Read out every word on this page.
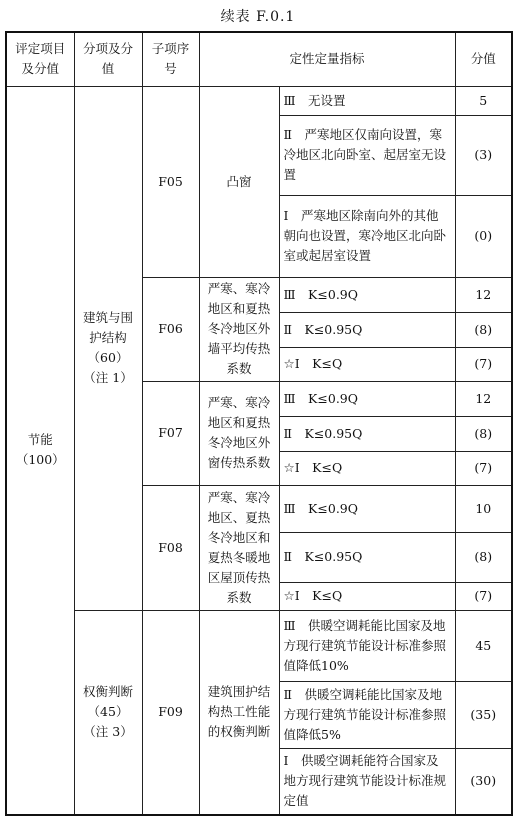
续表 F.0.1
评定项目及分值	分项及分值	子项序号	定性定量指标		分值
节能（100）	建筑与围护结构（60）（注 1）	F05	凸窗	Ⅲ　无设置	5
				Ⅱ　严寒地区仅南向设置，寒冷地区北向卧室、起居室无设置	(3)
				Ⅰ　严寒地区除南向外的其他朝向也设置，寒冷地区北向卧室或起居室设置	(0)
		F06	严寒、寒冷地区和夏热冬冷地区外墙平均传热系数	Ⅲ　K≤0.9Q	12
				Ⅱ　K≤0.95Q	(8)
				☆Ⅰ　K≤Q	(7)
		F07	严寒、寒冷地区和夏热冬冷地区外窗传热系数	Ⅲ　K≤0.9Q	12
				Ⅱ　K≤0.95Q	(8)
				☆Ⅰ　K≤Q	(7)
		F08	严寒、寒冷地区、夏热冬冷地区和夏热冬暖地区屋顶传热系数	Ⅲ　K≤0.9Q	10
				Ⅱ　K≤0.95Q	(8)
				☆Ⅰ　K≤Q	(7)
	权衡判断（45）（注 3）	F09	建筑围护结构热工性能的权衡判断	Ⅲ　供暖空调耗能比国家及地方现行建筑节能设计标准参照值降低10%	45
				Ⅱ　供暖空调耗能比国家及地方现行建筑节能设计标准参照值降低5%	(35)
				Ⅰ　供暖空调耗能符合国家及地方现行建筑节能设计标准规定值	(30)
